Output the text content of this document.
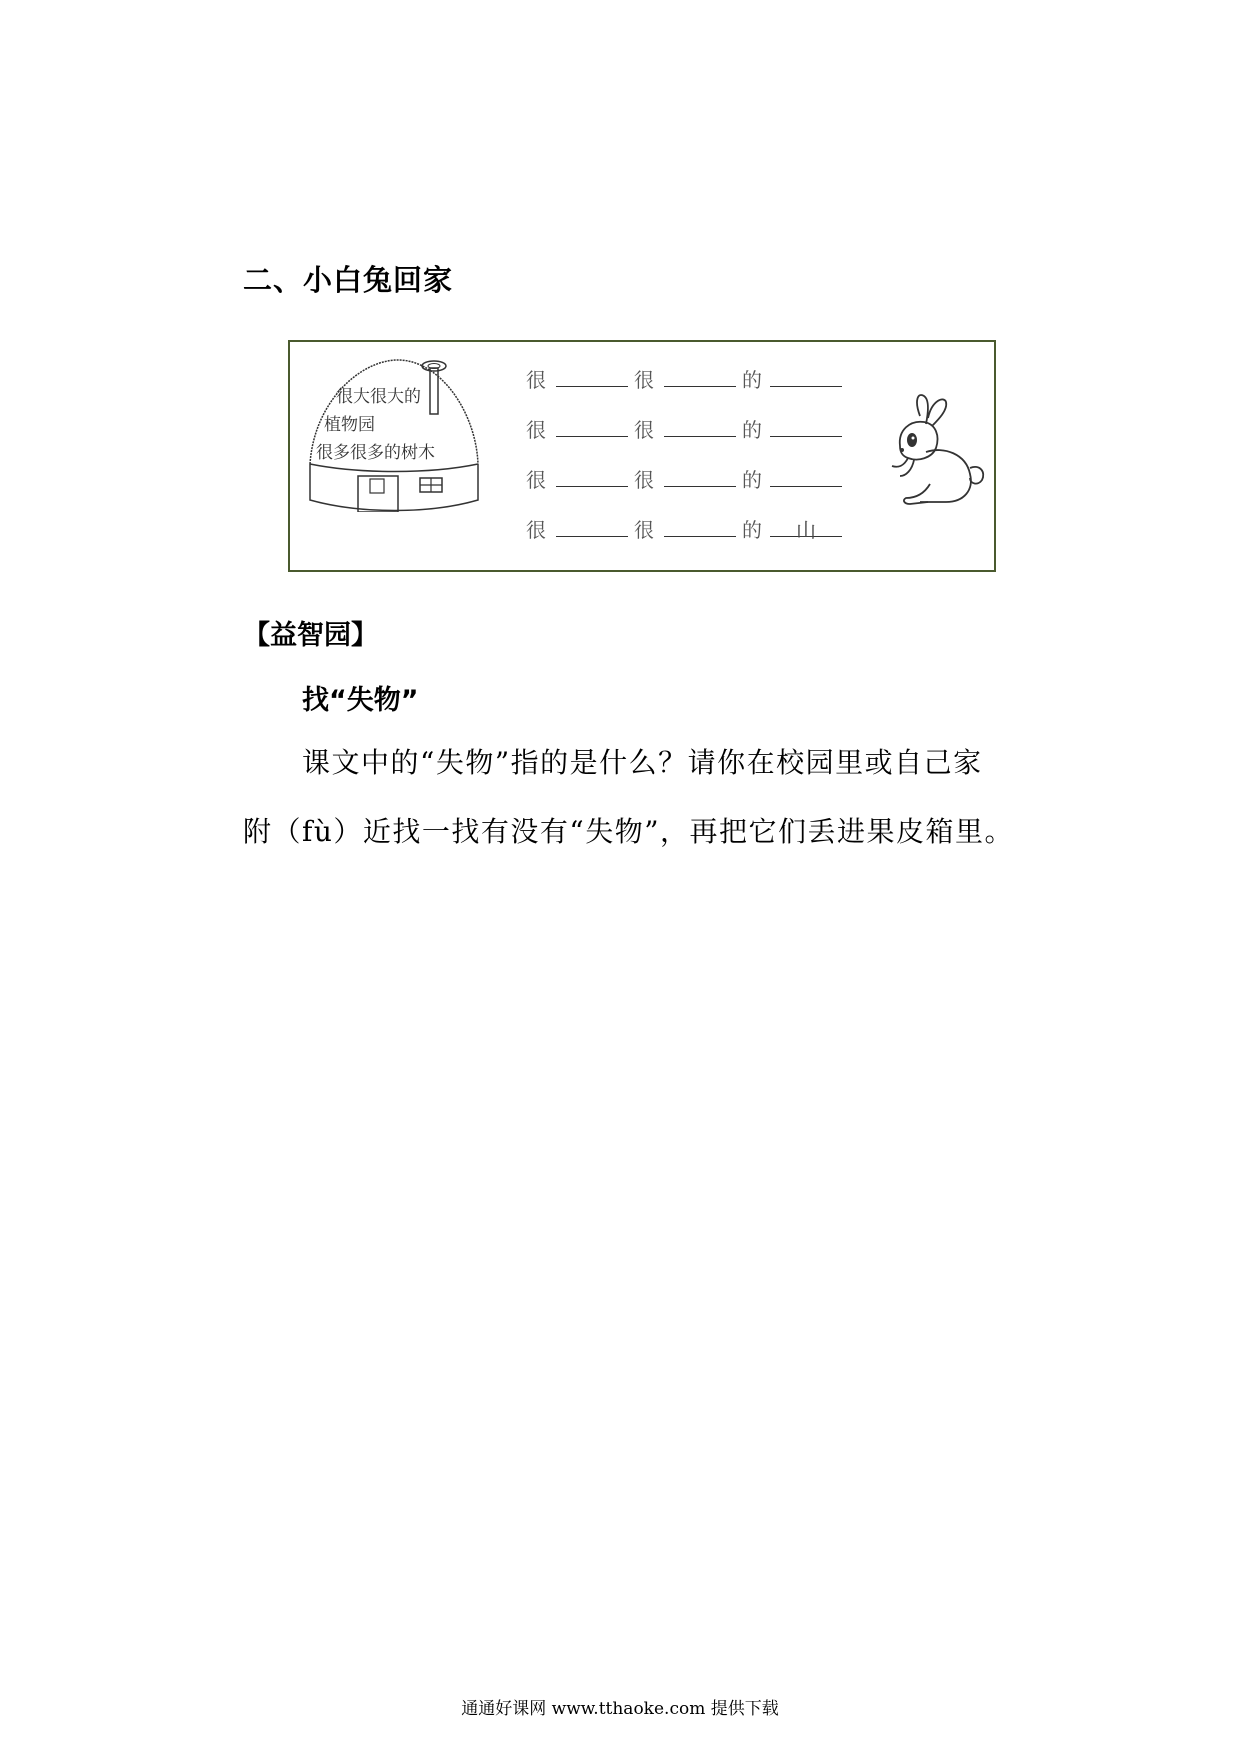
二、小白兔回家
很大很大的
植物园
很多很多的树木
很	很	的
很	很	的
很	很	的
很	很	的 山
【益智园】
找“失物”
课文中的“失物”指的是什么？请你在校园里或自己家
附（fù）近找一找有没有“失物”，再把它们丢进果皮箱里。
通通好课网 www.tthaoke.com 提供下载
